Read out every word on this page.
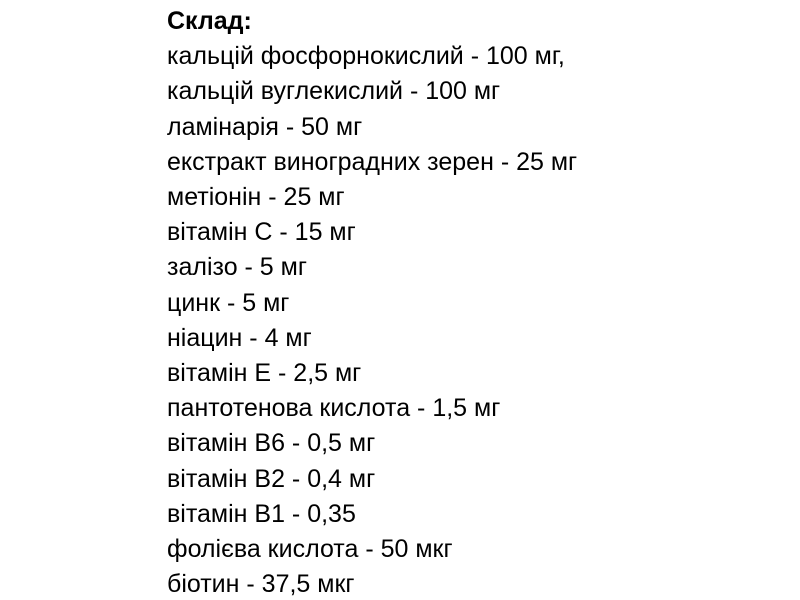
Склад:
кальцій фосфорнокислий - 100 мг,
кальцій вуглекислий - 100 мг
ламінарія - 50 мг
екстракт виноградних зерен - 25 мг
метіонін - 25 мг
вітамін С - 15 мг
залізо - 5 мг
цинк - 5 мг
ніацин - 4 мг
вітамін Е - 2,5 мг
пантотенова кислота - 1,5 мг
вітамін В6 - 0,5 мг
вітамін В2 - 0,4 мг
вітамін В1 - 0,35
фолієва кислота - 50 мкг
біотин - 37,5 мкг
